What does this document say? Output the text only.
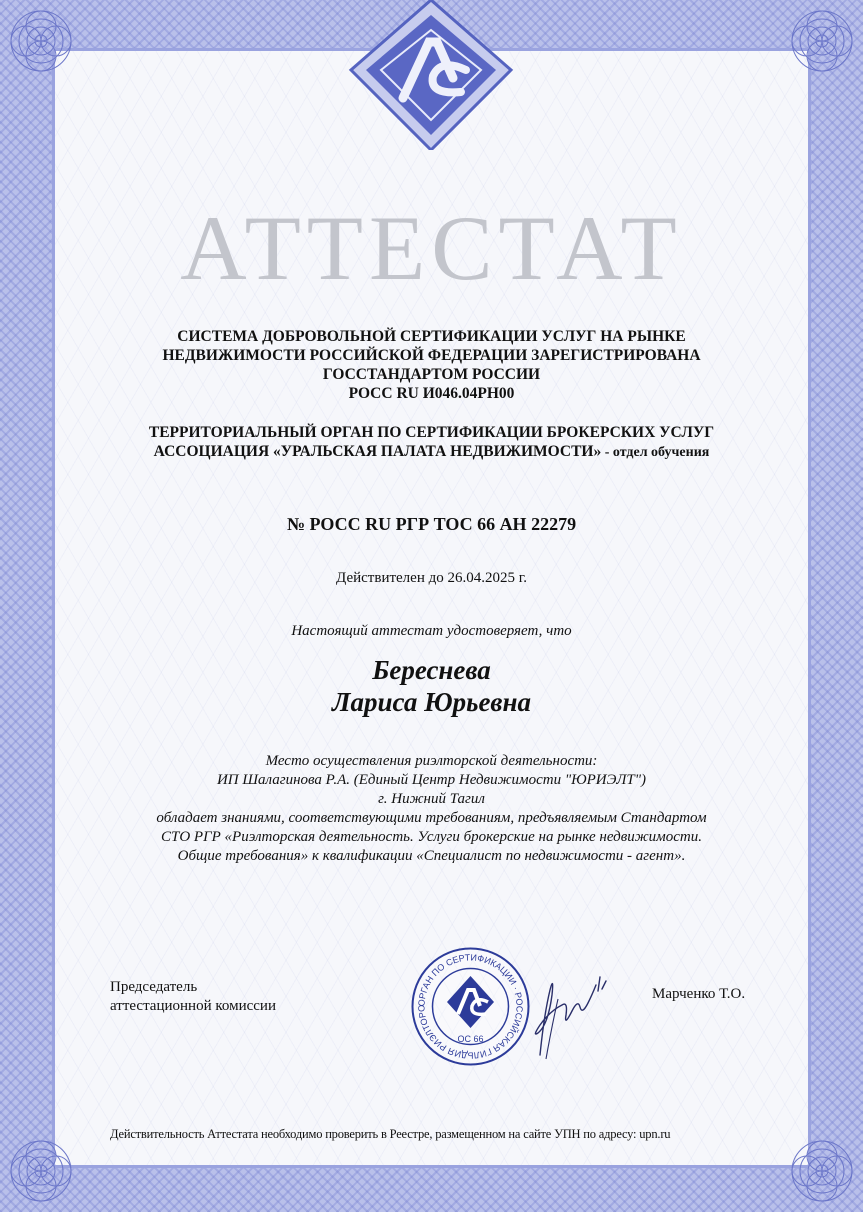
АТТЕСТАТ
СИСТЕМА ДОБРОВОЛЬНОЙ СЕРТИФИКАЦИИ УСЛУГ НА РЫНКЕ
НЕДВИЖИМОСТИ РОССИЙСКОЙ ФЕДЕРАЦИИ ЗАРЕГИСТРИРОВАНА
ГОССТАНДАРТОМ РОССИИ
РОСС RU И046.04РН00
ТЕРРИТОРИАЛЬНЫЙ ОРГАН ПО СЕРТИФИКАЦИИ БРОКЕРСКИХ УСЛУГ
АССОЦИАЦИЯ «УРАЛЬСКАЯ ПАЛАТА НЕДВИЖИМОСТИ» - отдел обучения
№ РОСС RU РГР ТОС 66 АН 22279
Действителен до 26.04.2025 г.
Настоящий аттестат удостоверяет, что
Береснева
Лариса Юрьевна
Место осуществления риэлторской деятельности:
ИП Шалагинова Р.А. (Единый Центр Недвижимости "ЮРИЭЛТ")
г. Нижний Тагил
обладает знаниями, соответствующими требованиям, предъявляемым Стандартом
СТО РГР «Риэлторская деятельность. Услуги брокерские на рынке недвижимости.
Общие требования» к квалификации «Специалист по недвижимости - агент».
Председатель
аттестационной комиссии	ОРГАН ПО СЕРТИФИКАЦИИ · РОССИЙСКАЯ ГИЛЬДИЯ РИЭЛТОРО
ОС 66
Марченко Т.О.
Действительность Аттестата необходимо проверить в Реестре, размещенном на сайте УПН по адресу: upn.ru
